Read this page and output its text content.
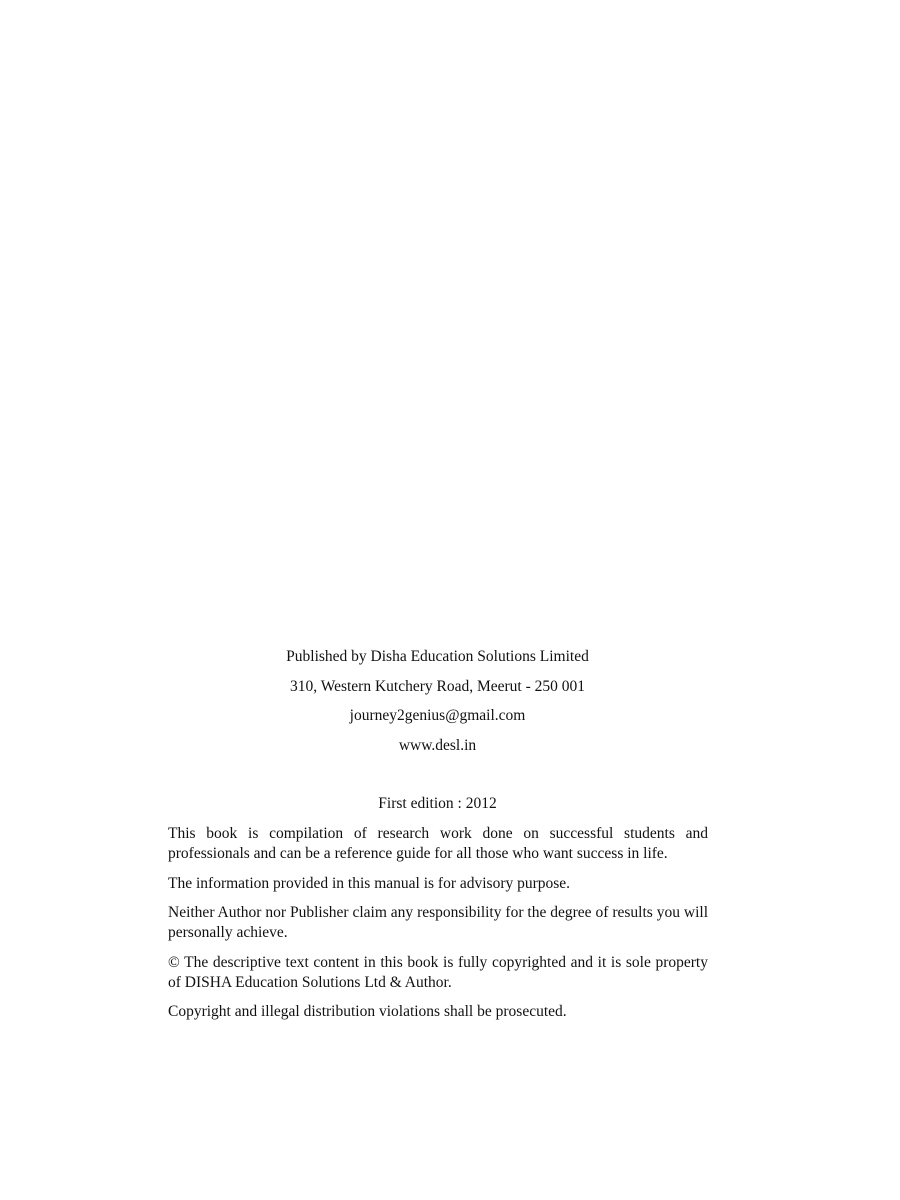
Published by Disha Education Solutions Limited
310, Western Kutchery Road, Meerut - 250 001
journey2genius@gmail.com
www.desl.in
First edition : 2012

This book is compilation of research work done on successful students and professionals and can be a reference guide for all those who want success in life.

The information provided in this manual is for advisory purpose.

Neither Author nor Publisher claim any responsibility for the degree of results you will personally achieve.

© The descriptive text content in this book is fully copyrighted and it is sole property of DISHA Education Solutions Ltd & Author.

Copyright and illegal distribution violations shall be prosecuted.
